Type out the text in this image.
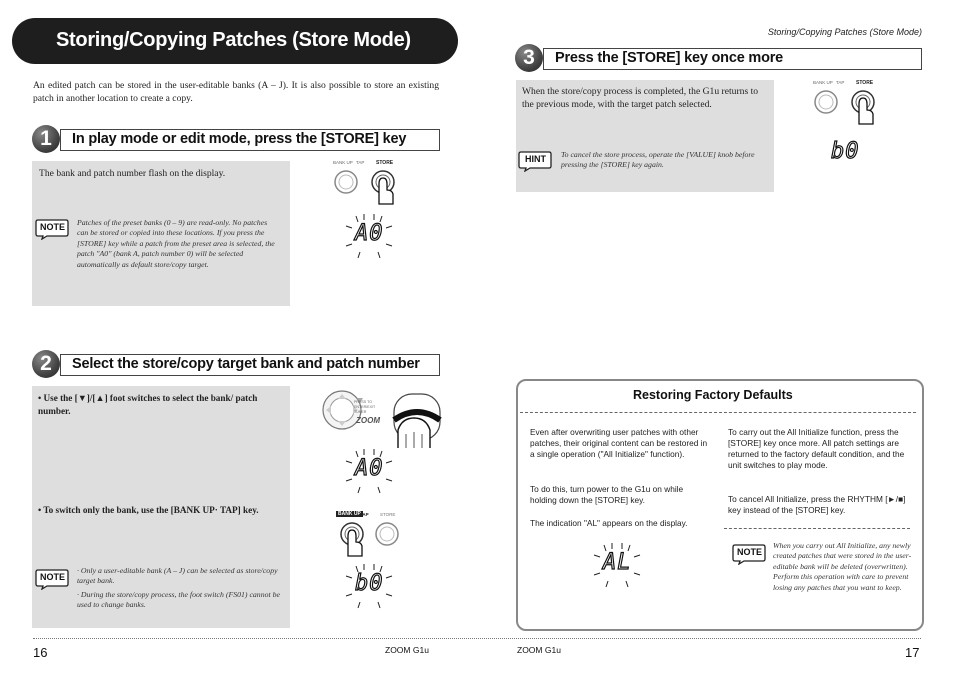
Storing/Copying Patches (Store Mode)	Storing/Copying Patches (Store Mode)
An edited patch can be stored in the user-editable banks (A – J). It is also possible to store an existing patch in another location to create a copy.
1	In play mode or edit mode, press the [STORE] key
The bank and patch number flash on the display.
NOTE Patches of the preset banks (0 – 9) are read-only. No patches can be stored or copied into these locations. If you press the [STORE] key while a patch from the preset area is selected, the patch "A0" (bank A, patch number 0) will be selected automatically as default store/copy target.
BANK UP TAP STORE
A0
2	Select the store/copy target bank and patch number
• Use the [▼]/[▲] foot switches to select the bank/ patch number.
• To switch only the bank, use the [BANK UP· TAP] key.
NOTE
· Only a user-editable bank (A – J) can be selected as store/copy target bank.
· During the store/copy process, the foot switch (FS01) cannot be used to change banks.
PRESS TO ENTER/EXIT TUNER
ZOOM
A0
BANK UP TAP	STORE
b0
3	Press the [STORE] key once more
When the store/copy process is completed, the G1u returns to the previous mode, with the target patch selected.
HINT	To cancel the store process, operate the [VALUE] knob before pressing the [STORE] key again.
BANK UP TAP STORE
b0
Restoring Factory Defaults
Even after overwriting user patches with other patches, their original content can be restored in a single operation ("All Initialize" function).
To do this, turn power to the G1u on while holding down the [STORE] key.
The indication "AL" appears on the display.
AL
To carry out the All Initialize function, press the [STORE] key once more. All patch settings are returned to the factory default condition, and the unit switches to play mode.
To cancel All Initialize, press the RHYTHM [►/■] key instead of the [STORE] key.
NOTE
When you carry out All Initialize, any newly created patches that were stored in the user-editable bank will be deleted (overwritten). Perform this operation with care to prevent losing any patches that you want to keep.
16	ZOOM G1u	ZOOM G1u	17
